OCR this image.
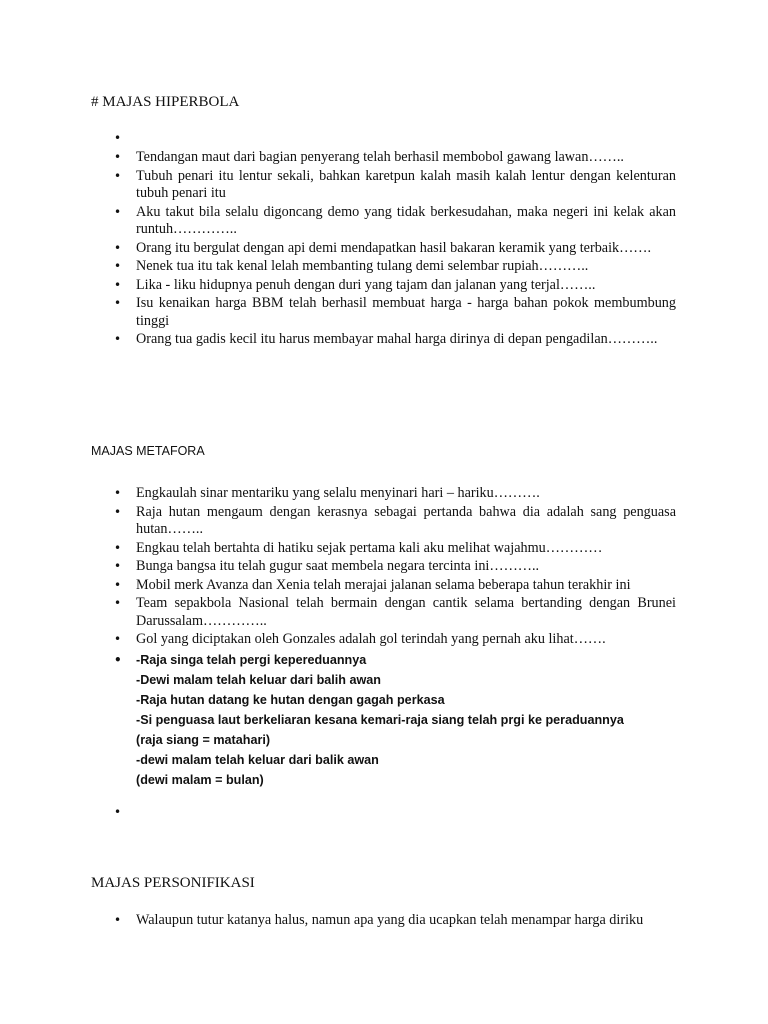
# MAJAS HIPERBOLA
•
• Tendangan maut dari bagian penyerang telah berhasil membobol gawang lawan……..
• Tubuh penari itu lentur sekali, bahkan karetpun kalah masih kalah lentur dengan kelenturan tubuh penari itu
• Aku takut bila selalu digoncang demo yang tidak berkesudahan, maka negeri ini kelak akan runtuh…………..
• Orang itu bergulat dengan api demi mendapatkan hasil bakaran keramik yang terbaik…….
• Nenek tua itu tak kenal lelah membanting tulang demi selembar rupiah………..
• Lika - liku hidupnya penuh dengan duri yang tajam dan jalanan yang terjal……..
• Isu kenaikan harga BBM telah berhasil membuat harga - harga bahan pokok membumbung tinggi
• Orang tua gadis kecil itu harus membayar mahal harga dirinya di depan pengadilan………..
MAJAS METAFORA
• Engkaulah sinar mentariku yang selalu menyinari hari – hariku……….
• Raja hutan mengaum dengan kerasnya sebagai pertanda bahwa dia adalah sang penguasa hutan……..
• Engkau telah bertahta di hatiku sejak pertama kali aku melihat wajahmu…………
• Bunga bangsa itu telah gugur saat membela negara tercinta ini………..
• Mobil merk Avanza dan Xenia telah merajai jalanan selama beberapa tahun terakhir ini
• Team sepakbola Nasional telah bermain dengan cantik selama bertanding dengan Brunei Darussalam…………..
• Gol yang diciptakan oleh Gonzales adalah gol terindah yang pernah aku lihat…….
• -Raja singa telah pergi kepereduannya
-Dewi malam telah keluar dari balih awan
-Raja hutan datang ke hutan dengan gagah perkasa
-Si penguasa laut berkeliaran kesana kemari-raja siang telah prgi ke peraduannya
(raja siang = matahari)
-dewi malam telah keluar dari balik awan
(dewi malam = bulan)
•
MAJAS PERSONIFIKASI
• Walaupun tutur katanya halus, namun apa yang dia ucapkan telah menampar harga diriku
